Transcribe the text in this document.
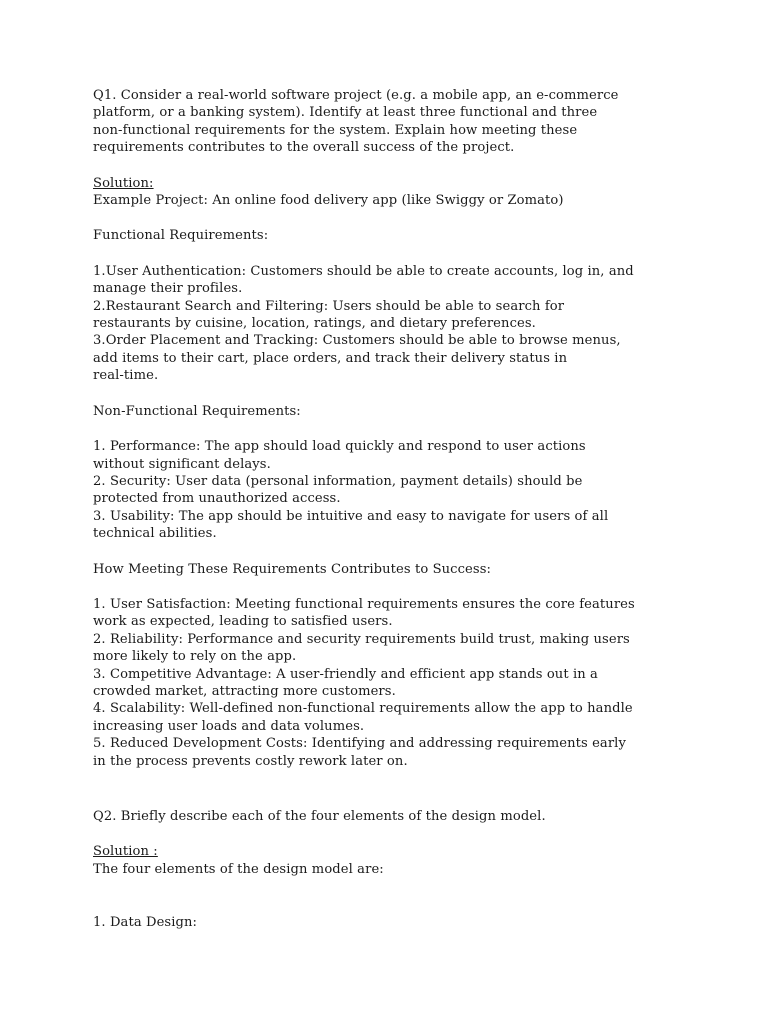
Q1. Consider a real-world software project (e.g. a mobile app, an e-commerce
platform, or a banking system). Identify at least three functional and three
non-functional requirements for the system. Explain how meeting these
requirements contributes to the overall success of the project.
Solution:
Example Project: An online food delivery app (like Swiggy or Zomato)
Functional Requirements:
1.User Authentication: Customers should be able to create accounts, log in, and
manage their profiles.
2.Restaurant Search and Filtering: Users should be able to search for
restaurants by cuisine, location, ratings, and dietary preferences.
3.Order Placement and Tracking: Customers should be able to browse menus,
add items to their cart, place orders, and track their delivery status in
real-time.
Non-Functional Requirements:
1. Performance: The app should load quickly and respond to user actions
without significant delays.
2. Security: User data (personal information, payment details) should be
protected from unauthorized access.
3. Usability: The app should be intuitive and easy to navigate for users of all
technical abilities.
How Meeting These Requirements Contributes to Success:
1. User Satisfaction: Meeting functional requirements ensures the core features
work as expected, leading to satisfied users.
2. Reliability: Performance and security requirements build trust, making users
more likely to rely on the app.
3. Competitive Advantage: A user-friendly and efficient app stands out in a
crowded market, attracting more customers.
4. Scalability: Well-defined non-functional requirements allow the app to handle
increasing user loads and data volumes.
5. Reduced Development Costs: Identifying and addressing requirements early
in the process prevents costly rework later on.
Q2. Briefly describe each of the four elements of the design model.
Solution :
The four elements of the design model are:
1. Data Design:
